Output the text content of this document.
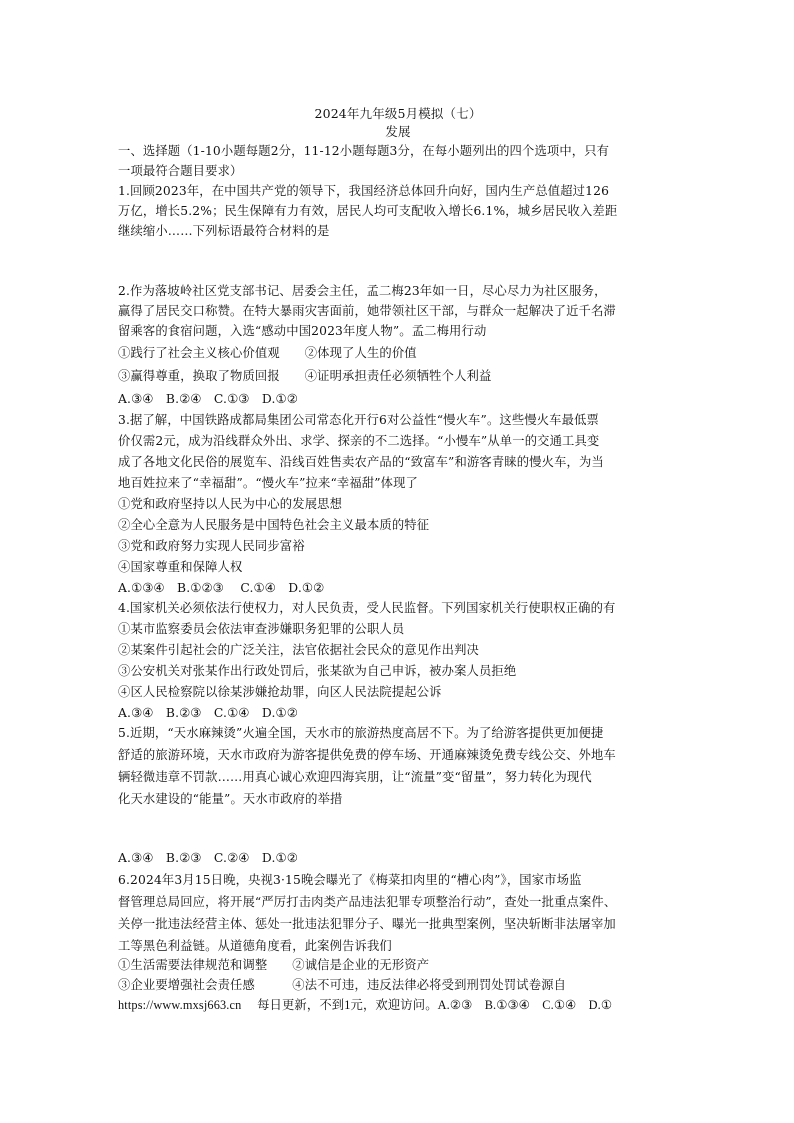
2024年九年级5月模拟（七）
发展
一、选择题（1-10小题每题2分，11-12小题每题3分，在每小题列出的四个选项中，只有
一项最符合题目要求）
1.回顾2023年，在中国共产党的领导下，我国经济总体回升向好，国内生产总值超过126
万亿，增长5.2%；民生保障有力有效，居民人均可支配收入增长6.1%，城乡居民收入差距
继续缩小……下列标语最符合材料的是
2.作为落坡岭社区党支部书记、居委会主任，孟二梅23年如一日，尽心尽力为社区服务，
赢得了居民交口称赞。在特大暴雨灾害面前，她带领社区干部，与群众一起解决了近千名滞
留乘客的食宿问题，入选“感动中国2023年度人物”。孟二梅用行动
①践行了社会主义核心价值观　　②体现了人生的价值
③赢得尊重，换取了物质回报　　④证明承担责任必须牺牲个人利益
A.③④　B.②④　C.①③　D.①②
3.据了解，中国铁路成都局集团公司常态化开行6对公益性“慢火车”。这些慢火车最低票
价仅需2元，成为沿线群众外出、求学、探亲的不二选择。“小慢车”从单一的交通工具变
成了各地文化民俗的展览车、沿线百姓售卖农产品的“致富车”和游客青睐的慢火车，为当
地百姓拉来了“幸福甜”。“慢火车”拉来“幸福甜”体现了
①党和政府坚持以人民为中心的发展思想
②全心全意为人民服务是中国特色社会主义最本质的特征
③党和政府努力实现人民同步富裕
④国家尊重和保障人权
A.①③④　B.①②③　 C.①④　D.①②
4.国家机关必须依法行使权力，对人民负责，受人民监督。下列国家机关行使职权正确的有
①某市监察委员会依法审查涉嫌职务犯罪的公职人员
②某案件引起社会的广泛关注，法官依据社会民众的意见作出判决
③公安机关对张某作出行政处罚后，张某欲为自己申诉，被办案人员拒绝
④区人民检察院以徐某涉嫌抢劫罪，向区人民法院提起公诉
A.③④　B.②③　C.①④　D.①②
5.近期，“天水麻辣烫”火遍全国，天水市的旅游热度高居不下。为了给游客提供更加便捷
舒适的旅游环境，天水市政府为游客提供免费的停车场、开通麻辣烫免费专线公交、外地车
辆轻微违章不罚款……用真心诚心欢迎四海宾朋，让“流量”变“留量”，努力转化为现代
化天水建设的“能量”。天水市政府的举措
A.③④　B.②③　C.②④　D.①②
6.2024年3月15日晚，央视3·15晚会曝光了《梅菜扣肉里的“槽心肉”》，国家市场监
督管理总局回应，将开展“严厉打击肉类产品违法犯罪专项整治行动”，查处一批重点案件、
关停一批违法经营主体、惩处一批违法犯罪分子、曝光一批典型案例，坚决斩断非法屠宰加
工等黑色利益链。从道德角度看，此案例告诉我们
①生活需要法律规范和调整　　②诚信是企业的无形资产
③企业要增强社会责任感　　　④法不可违，违反法律必将受到刑罚处罚试卷源自
https://www.mxsj663.cn　 每日更新，不到1元，欢迎访问。A.②③　B.①③④　C.①④　D.①
